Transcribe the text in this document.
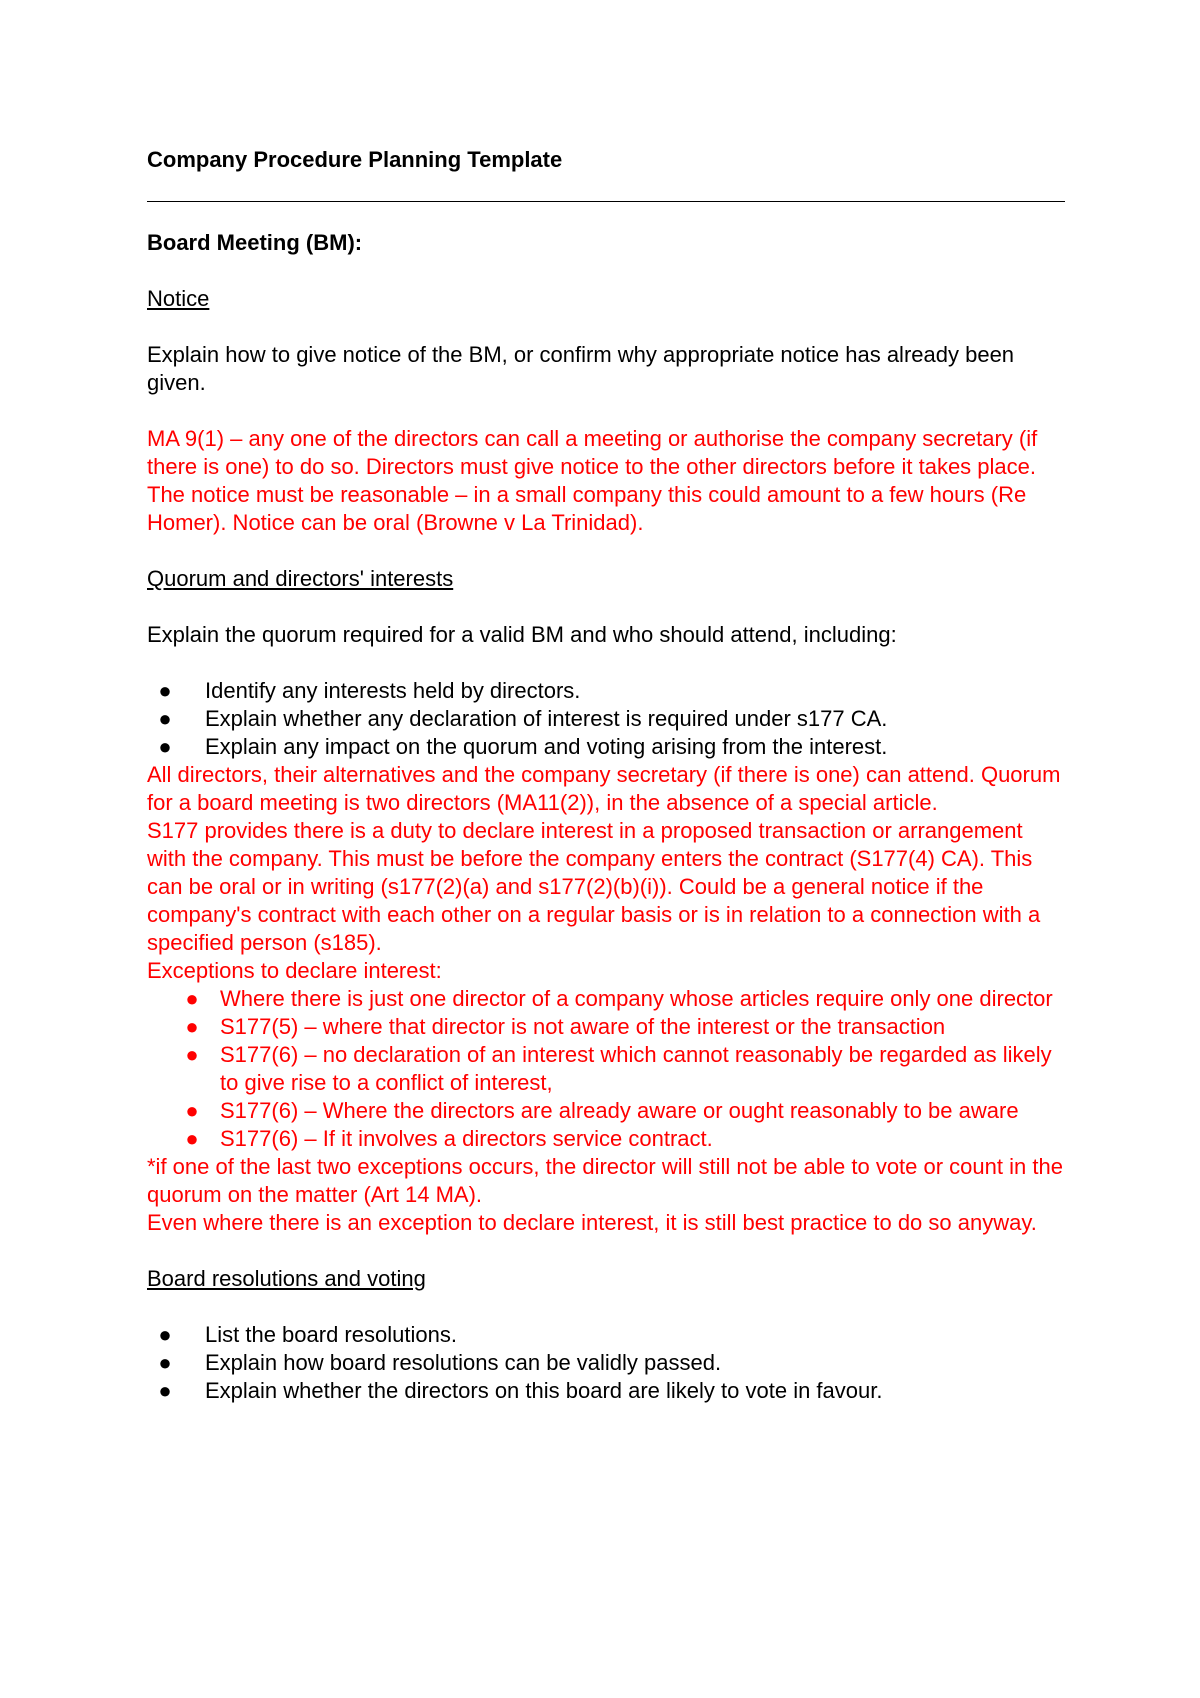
Company Procedure Planning Template

Board Meeting (BM):

Notice

Explain how to give notice of the BM, or confirm why appropriate notice has already been given.

MA 9(1) – any one of the directors can call a meeting or authorise the company secretary (if there is one) to do so. Directors must give notice to the other directors before it takes place.

The notice must be reasonable – in a small company this could amount to a few hours (Re Homer). Notice can be oral (Browne v La Trinidad).

Quorum and directors' interests

Explain the quorum required for a valid BM and who should attend, including:

● Identify any interests held by directors.
● Explain whether any declaration of interest is required under s177 CA.
● Explain any impact on the quorum and voting arising from the interest.

All directors, their alternatives and the company secretary (if there is one) can attend. Quorum for a board meeting is two directors (MA11(2)), in the absence of a special article.

S177 provides there is a duty to declare interest in a proposed transaction or arrangement with the company. This must be before the company enters the contract (S177(4) CA). This can be oral or in writing (s177(2)(a) and s177(2)(b)(i)). Could be a general notice if the company's contract with each other on a regular basis or is in relation to a connection with a specified person (s185).

Exceptions to declare interest:

● Where there is just one director of a company whose articles require only one director
● S177(5) – where that director is not aware of the interest or the transaction
● S177(6) – no declaration of an interest which cannot reasonably be regarded as likely to give rise to a conflict of interest,
● S177(6) – Where the directors are already aware or ought reasonably to be aware
● S177(6) – If it involves a directors service contract.

*if one of the last two exceptions occurs, the director will still not be able to vote or count in the quorum on the matter (Art 14 MA).

Even where there is an exception to declare interest, it is still best practice to do so anyway.

Board resolutions and voting

● List the board resolutions.
● Explain how board resolutions can be validly passed.
● Explain whether the directors on this board are likely to vote in favour.
